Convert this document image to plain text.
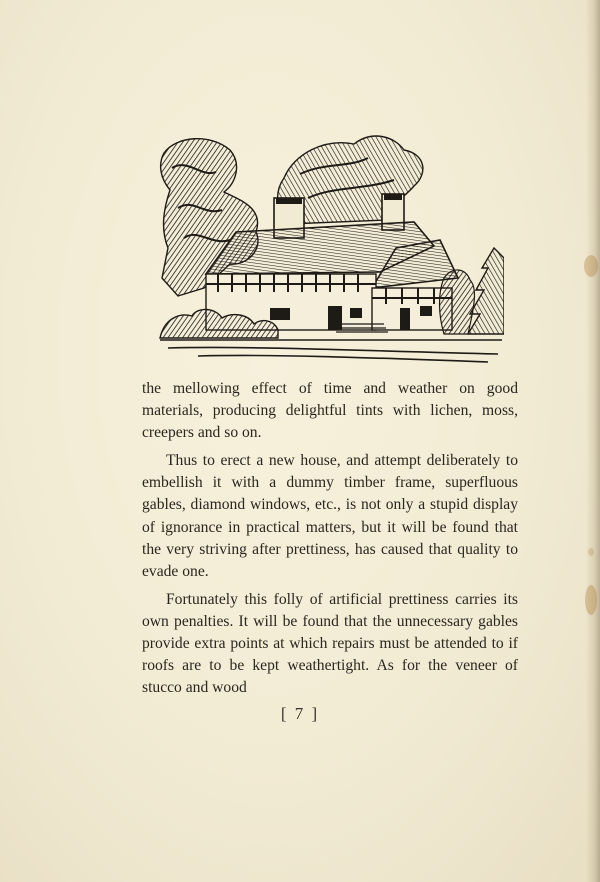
the mellowing effect of time and weather on good materials, producing delightful tints with lichen, moss, creepers and so on.

Thus to erect a new house, and attempt deliberately to embellish it with a dummy timber frame, superfluous gables, diamond windows, etc., is not only a stupid display of ignorance in practical matters, but it will be found that the very striving after prettiness, has caused that quality to evade one.

Fortunately this folly of artificial prettiness carries its own penalties. It will be found that the unnecessary gables provide extra points at which repairs must be attended to if roofs are to be kept weathertight. As for the veneer of stucco and wood

[ 7 ]
